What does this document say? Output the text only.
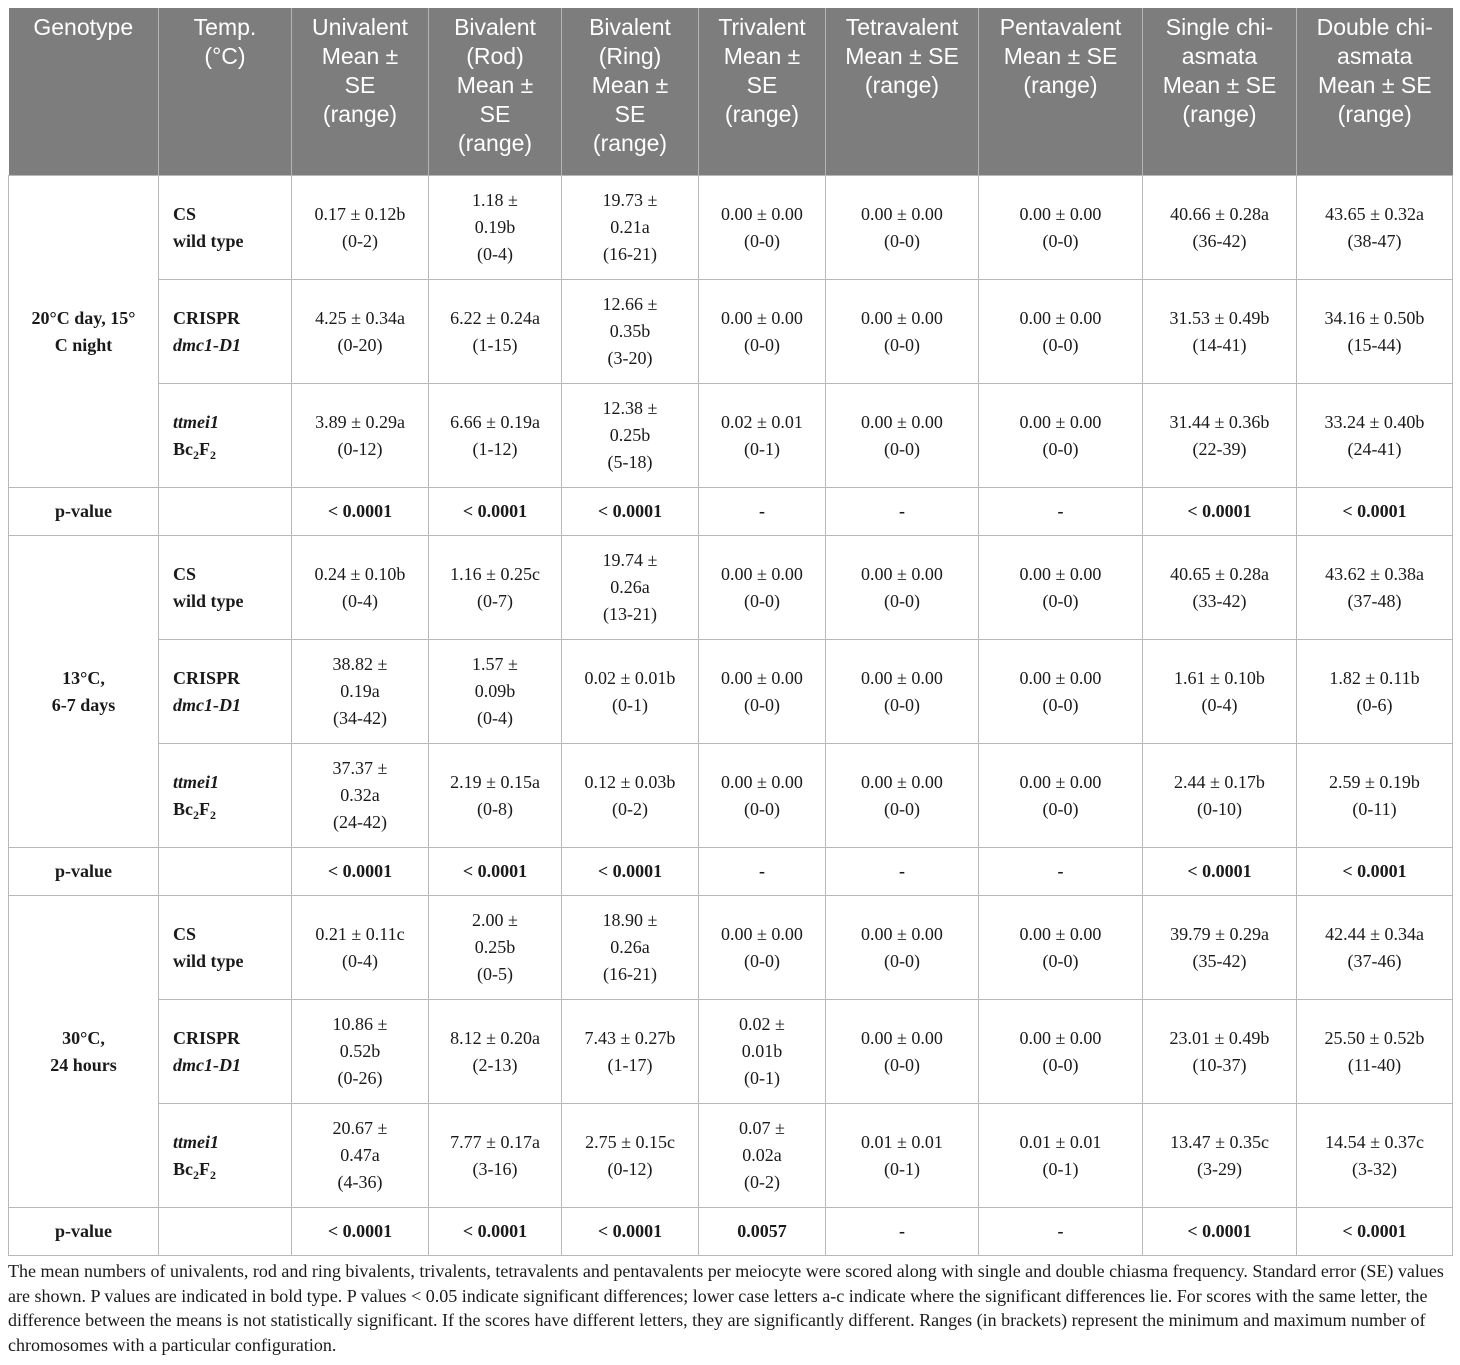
Genotype	Temp.
(°C)	Univalent
Mean ±
SE
(range)	Bivalent
(Rod)
Mean ±
SE
(range)	Bivalent
(Ring)
Mean ±
SE
(range)	Trivalent
Mean ±
SE
(range)	Tetravalent
Mean ± SE
(range)	Pentavalent
Mean ± SE
(range)	Single chi-
asmata
Mean ± SE
(range)	Double chi-
asmata
Mean ± SE
(range)

20°C day, 15°
C night	CS
wild type	0.17 ± 0.12b
(0-2)	1.18 ±
0.19b
(0-4)	19.73 ±
0.21a
(16-21)	0.00 ± 0.00
(0-0)	0.00 ± 0.00
(0-0)	0.00 ± 0.00
(0-0)	40.66 ± 0.28a
(36-42)	43.65 ± 0.32a
(38-47)

	CRISPR
dmc1-D1	4.25 ± 0.34a
(0-20)	6.22 ± 0.24a
(1-15)	12.66 ±
0.35b
(3-20)	0.00 ± 0.00
(0-0)	0.00 ± 0.00
(0-0)	0.00 ± 0.00
(0-0)	31.53 ± 0.49b
(14-41)	34.16 ± 0.50b
(15-44)

	ttmei1
$Bc_2F_2$	3.89 ± 0.29a
(0-12)	6.66 ± 0.19a
(1-12)	12.38 ±
0.25b
(5-18)	0.02 ± 0.01
(0-1)	0.00 ± 0.00
(0-0)	0.00 ± 0.00
(0-0)	31.44 ± 0.36b
(22-39)	33.24 ± 0.40b
(24-41)

p-value		< 0.0001	< 0.0001	< 0.0001	-	-	-	< 0.0001	< 0.0001

13°C,
6-7 days	CS
wild type	0.24 ± 0.10b
(0-4)	1.16 ± 0.25c
(0-7)	19.74 ±
0.26a
(13-21)	0.00 ± 0.00
(0-0)	0.00 ± 0.00
(0-0)	0.00 ± 0.00
(0-0)	40.65 ± 0.28a
(33-42)	43.62 ± 0.38a
(37-48)

	CRISPR
dmc1-D1	38.82 ±
0.19a
(34-42)	1.57 ±
0.09b
(0-4)	0.02 ± 0.01b
(0-1)	0.00 ± 0.00
(0-0)	0.00 ± 0.00
(0-0)	0.00 ± 0.00
(0-0)	1.61 ± 0.10b
(0-4)	1.82 ± 0.11b
(0-6)

	ttmei1
$Bc_2F_2$	37.37 ±
0.32a
(24-42)	2.19 ± 0.15a
(0-8)	0.12 ± 0.03b
(0-2)	0.00 ± 0.00
(0-0)	0.00 ± 0.00
(0-0)	0.00 ± 0.00
(0-0)	2.44 ± 0.17b
(0-10)	2.59 ± 0.19b
(0-11)

p-value		< 0.0001	< 0.0001	< 0.0001	-	-	-	< 0.0001	< 0.0001

30°C,
24 hours	CS
wild type	0.21 ± 0.11c
(0-4)	2.00 ±
0.25b
(0-5)	18.90 ±
0.26a
(16-21)	0.00 ± 0.00
(0-0)	0.00 ± 0.00
(0-0)	0.00 ± 0.00
(0-0)	39.79 ± 0.29a
(35-42)	42.44 ± 0.34a
(37-46)

	CRISPR
dmc1-D1	10.86 ±
0.52b
(0-26)	8.12 ± 0.20a
(2-13)	7.43 ± 0.27b
(1-17)	0.02 ±
0.01b
(0-1)	0.00 ± 0.00
(0-0)	0.00 ± 0.00
(0-0)	23.01 ± 0.49b
(10-37)	25.50 ± 0.52b
(11-40)

	ttmei1
$Bc_2F_2$	20.67 ±
0.47a
(4-36)	7.77 ± 0.17a
(3-16)	2.75 ± 0.15c
(0-12)	0.07 ±
0.02a
(0-2)	0.01 ± 0.01
(0-1)	0.01 ± 0.01
(0-1)	13.47 ± 0.35c
(3-29)	14.54 ± 0.37c
(3-32)

p-value		< 0.0001	< 0.0001	< 0.0001	0.0057	-	-	< 0.0001	< 0.0001
The mean numbers of univalents, rod and ring bivalents, trivalents, tetravalents and pentavalents per meiocyte were scored along with single and double chiasma frequency. Standard error (SE) values are shown. P values are indicated in bold type. P values < 0.05 indicate significant differences; lower case letters a-c indicate where the significant differences lie. For scores with the same letter, the difference between the means is not statistically significant. If the scores have different letters, they are significantly different. Ranges (in brackets) represent the minimum and maximum number of chromosomes with a particular configuration.
